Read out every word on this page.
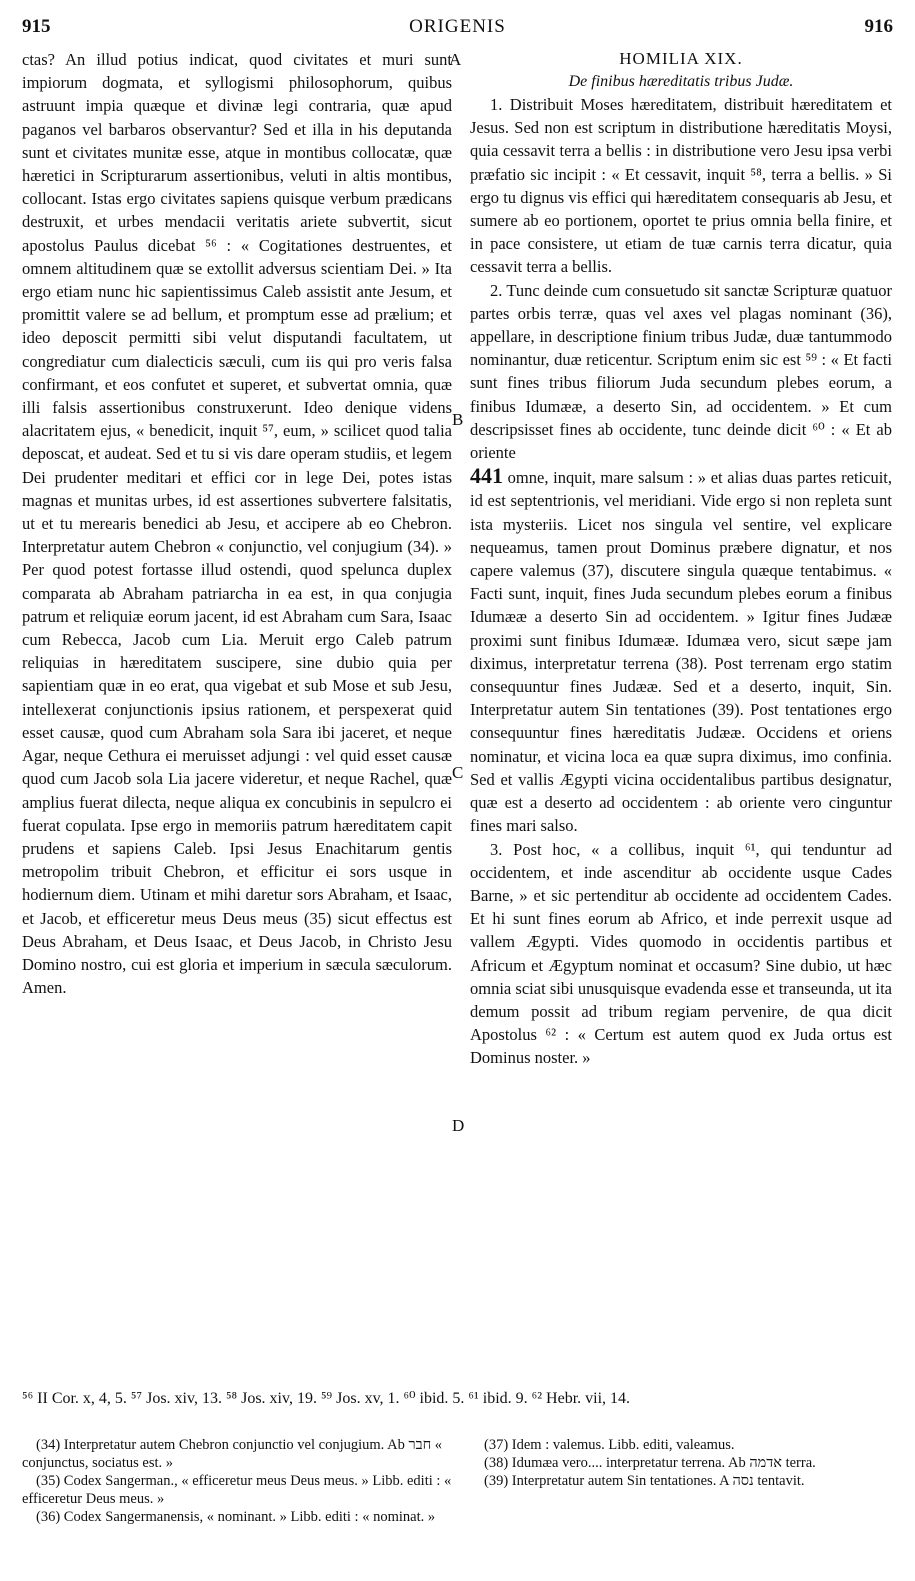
915	ORIGENIS	916

ctas? An illud potius indicat, quod civitates et muri sunt impiorum dogmata, et syllogismi philosophorum, quibus astruunt impia quæque et divinæ legi contraria, quæ apud paganos vel barbaros observantur? Sed et illa in his deputanda sunt et civitates munitæ esse, atque in montibus collocatæ, quæ hæretici in Scripturarum assertionibus, veluti in altis montibus, collocant. Istas ergo civitates sapiens quisque verbum prædicans destruxit, et urbes mendacii veritatis ariete subvertit, sicut apostolus Paulus dicebat ⁵⁶ : « Cogitationes destruentes, et omnem altitudinem quæ se extollit adversus scientiam Dei. » Ita ergo etiam nunc hic sapientissimus Caleb assistit ante Jesum, et promittit valere se ad bellum, et promptum esse ad prælium; et ideo deposcit permitti sibi velut disputandi facultatem, ut congrediatur cum dialecticis sæculi, cum iis qui pro veris falsa confirmant, et eos confutet et superet, et subvertat omnia, quæ illi falsis assertionibus construxerunt. Ideo denique videns alacritatem ejus, « benedicit, inquit ⁵⁷, eum, » scilicet quod talia deposcat, et audeat. Sed et tu si vis dare operam studiis, et legem Dei prudenter meditari et effici cor in lege Dei, potes istas magnas et munitas urbes, id est assertiones subvertere falsitatis, ut et tu merearis benedici ab Jesu, et accipere ab eo Chebron. Interpretatur autem Chebron « conjunctio, vel conjugium (34). » Per quod potest fortasse illud ostendi, quod spelunca duplex comparata ab Abraham patriarcha in ea est, in qua conjugia patrum et reliquiæ eorum jacent, id est Abraham cum Sara, Isaac cum Rebecca, Jacob cum Lia. Meruit ergo Caleb patrum reliquias in hæreditatem suscipere, sine dubio quia per sapientiam quæ in eo erat, qua vigebat et sub Mose et sub Jesu, intellexerat conjunctionis ipsius rationem, et perspexerat quid esset causæ, quod cum Abraham sola Sara ibi jaceret, et neque Agar, neque Cethura ei meruisset adjungi : vel quid esset causæ quod cum Jacob sola Lia jacere videretur, et neque Rachel, quæ amplius fuerat dilecta, neque aliqua ex concubinis in sepulcro ei fuerat copulata. Ipse ergo in memoriis patrum hæreditatem capit prudens et sapiens Caleb. Ipsi Jesus Enachitarum gentis metropolim tribuit Chebron, et efficitur ei sors usque in hodiernum diem. Utinam et mihi daretur sors Abraham, et Isaac, et Jacob, et efficeretur meus Deus meus (35) sicut effectus est Deus Abraham, et Deus Isaac, et Deus Jacob, in Christo Jesu Domino nostro, cui est gloria et imperium in sæcula sæculorum. Amen.

A
B
C
D

HOMILIA XIX.

De finibus hæreditatis tribus Judæ.

1. Distribuit Moses hæreditatem, distribuit hæreditatem et Jesus. Sed non est scriptum in distributione hæreditatis Moysi, quia cessavit terra a bellis : in distributione vero Jesu ipsa verbi præfatio sic incipit : « Et cessavit, inquit ⁵⁸, terra a bellis. » Si ergo tu dignus vis effici qui hæreditatem consequaris ab Jesu, et sumere ab eo portionem, oportet te prius omnia bella finire, et in pace consistere, ut etiam de tuæ carnis terra dicatur, quia cessavit terra a bellis.

2. Tunc deinde cum consuetudo sit sanctæ Scripturæ quatuor partes orbis terræ, quas vel axes vel plagas nominant (36), appellare, in descriptione finium tribus Judæ, duæ tantummodo nominantur, duæ reticentur. Scriptum enim sic est ⁵⁹ : « Et facti sunt fines tribus filiorum Juda secundum plebes eorum, a finibus Idumææ, a deserto Sin, ad occidentem. » Et cum descripsisset fines ab occidente, tunc deinde dicit ⁶⁰ : « Et ab oriente

441 omne, inquit, mare salsum : » et alias duas partes reticuit, id est septentrionis, vel meridiani. Vide ergo si non repleta sunt ista mysteriis. Licet nos singula vel sentire, vel explicare nequeamus, tamen prout Dominus præbere dignatur, et nos capere valemus (37), discutere singula quæque tentabimus. « Facti sunt, inquit, fines Juda secundum plebes eorum a finibus Idumææ a deserto Sin ad occidentem. » Igitur fines Judææ proximi sunt finibus Idumææ. Idumæa vero, sicut sæpe jam diximus, interpretatur terrena (38). Post terrenam ergo statim consequuntur fines Judææ. Sed et a deserto, inquit, Sin. Interpretatur autem Sin tentationes (39). Post tentationes ergo consequuntur fines hæreditatis Judææ. Occidens et oriens nominatur, et vicina loca ea quæ supra diximus, imo confinia. Sed et vallis Ægypti vicina occidentalibus partibus designatur, quæ est a deserto ad occidentem : ab oriente vero cinguntur fines mari salso.

3. Post hoc, « a collibus, inquit ⁶¹, qui tenduntur ad occidentem, et inde ascenditur ab occidente usque Cades Barne, » et sic pertenditur ab occidente ad occidentem Cades. Et hi sunt fines eorum ab Africo, et inde perrexit usque ad vallem Ægypti. Vides quomodo in occidentis partibus et Africum et Ægyptum nominat et occasum? Sine dubio, ut hæc omnia sciat sibi unusquisque evadenda esse et transeunda, ut ita demum possit ad tribum regiam pervenire, de qua dicit Apostolus ⁶² : « Certum est autem quod ex Juda ortus est Dominus noster. »

⁵⁶ II Cor. x, 4, 5. ⁵⁷ Jos. xiv, 13. ⁵⁸ Jos. xiv, 19. ⁵⁹ Jos. xv, 1. ⁶⁰ ibid. 5. ⁶¹ ibid. 9. ⁶² Hebr. vii, 14.

(34) Interpretatur autem Chebron conjunctio vel conjugium. Ab חבר « conjunctus, sociatus est. »

(35) Codex Sangerman., « efficeretur meus Deus meus. » Libb. editi : « efficeretur Deus meus. »

(36) Codex Sangermanensis, « nominant. » Libb. editi : « nominat. »

(37) Idem : valemus. Libb. editi, valeamus.

(38) Idumæa vero.... interpretatur terrena. Ab אדמה terra.

(39) Interpretatur autem Sin tentationes. A נסה tentavit.
